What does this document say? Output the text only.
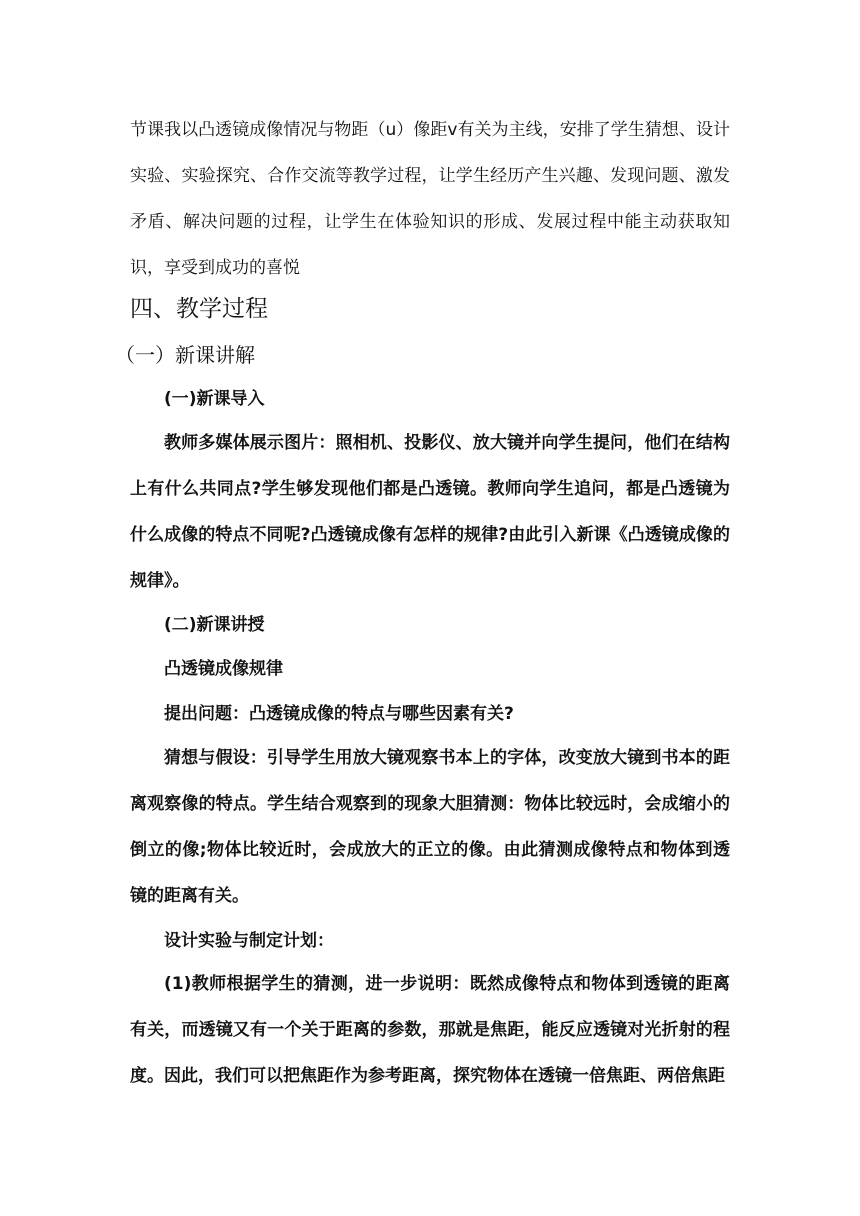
节课我以凸透镜成像情况与物距（u）像距v有关为主线，安排了学生猜想、设计实验、实验探究、合作交流等教学过程，让学生经历产生兴趣、发现问题、激发矛盾、解决问题的过程，让学生在体验知识的形成、发展过程中能主动获取知识，享受到成功的喜悦

四、教学过程
（一）新课讲解
(一)新课导入

教师多媒体展示图片：照相机、投影仪、放大镜并向学生提问，他们在结构上有什么共同点?学生够发现他们都是凸透镜。教师向学生追问，都是凸透镜为什么成像的特点不同呢?凸透镜成像有怎样的规律?由此引入新课《凸透镜成像的规律》。

(二)新课讲授
凸透镜成像规律
提出问题：凸透镜成像的特点与哪些因素有关?

猜想与假设：引导学生用放大镜观察书本上的字体，改变放大镜到书本的距离观察像的特点。学生结合观察到的现象大胆猜测：物体比较远时，会成缩小的倒立的像;物体比较近时，会成放大的正立的像。由此猜测成像特点和物体到透镜的距离有关。

设计实验与制定计划：

(1)教师根据学生的猜测，进一步说明：既然成像特点和物体到透镜的距离有关，而透镜又有一个关于距离的参数，那就是焦距，能反应透镜对光折射的程度。因此，我们可以把焦距作为参考距离，探究物体在透镜一倍焦距、两倍焦距
